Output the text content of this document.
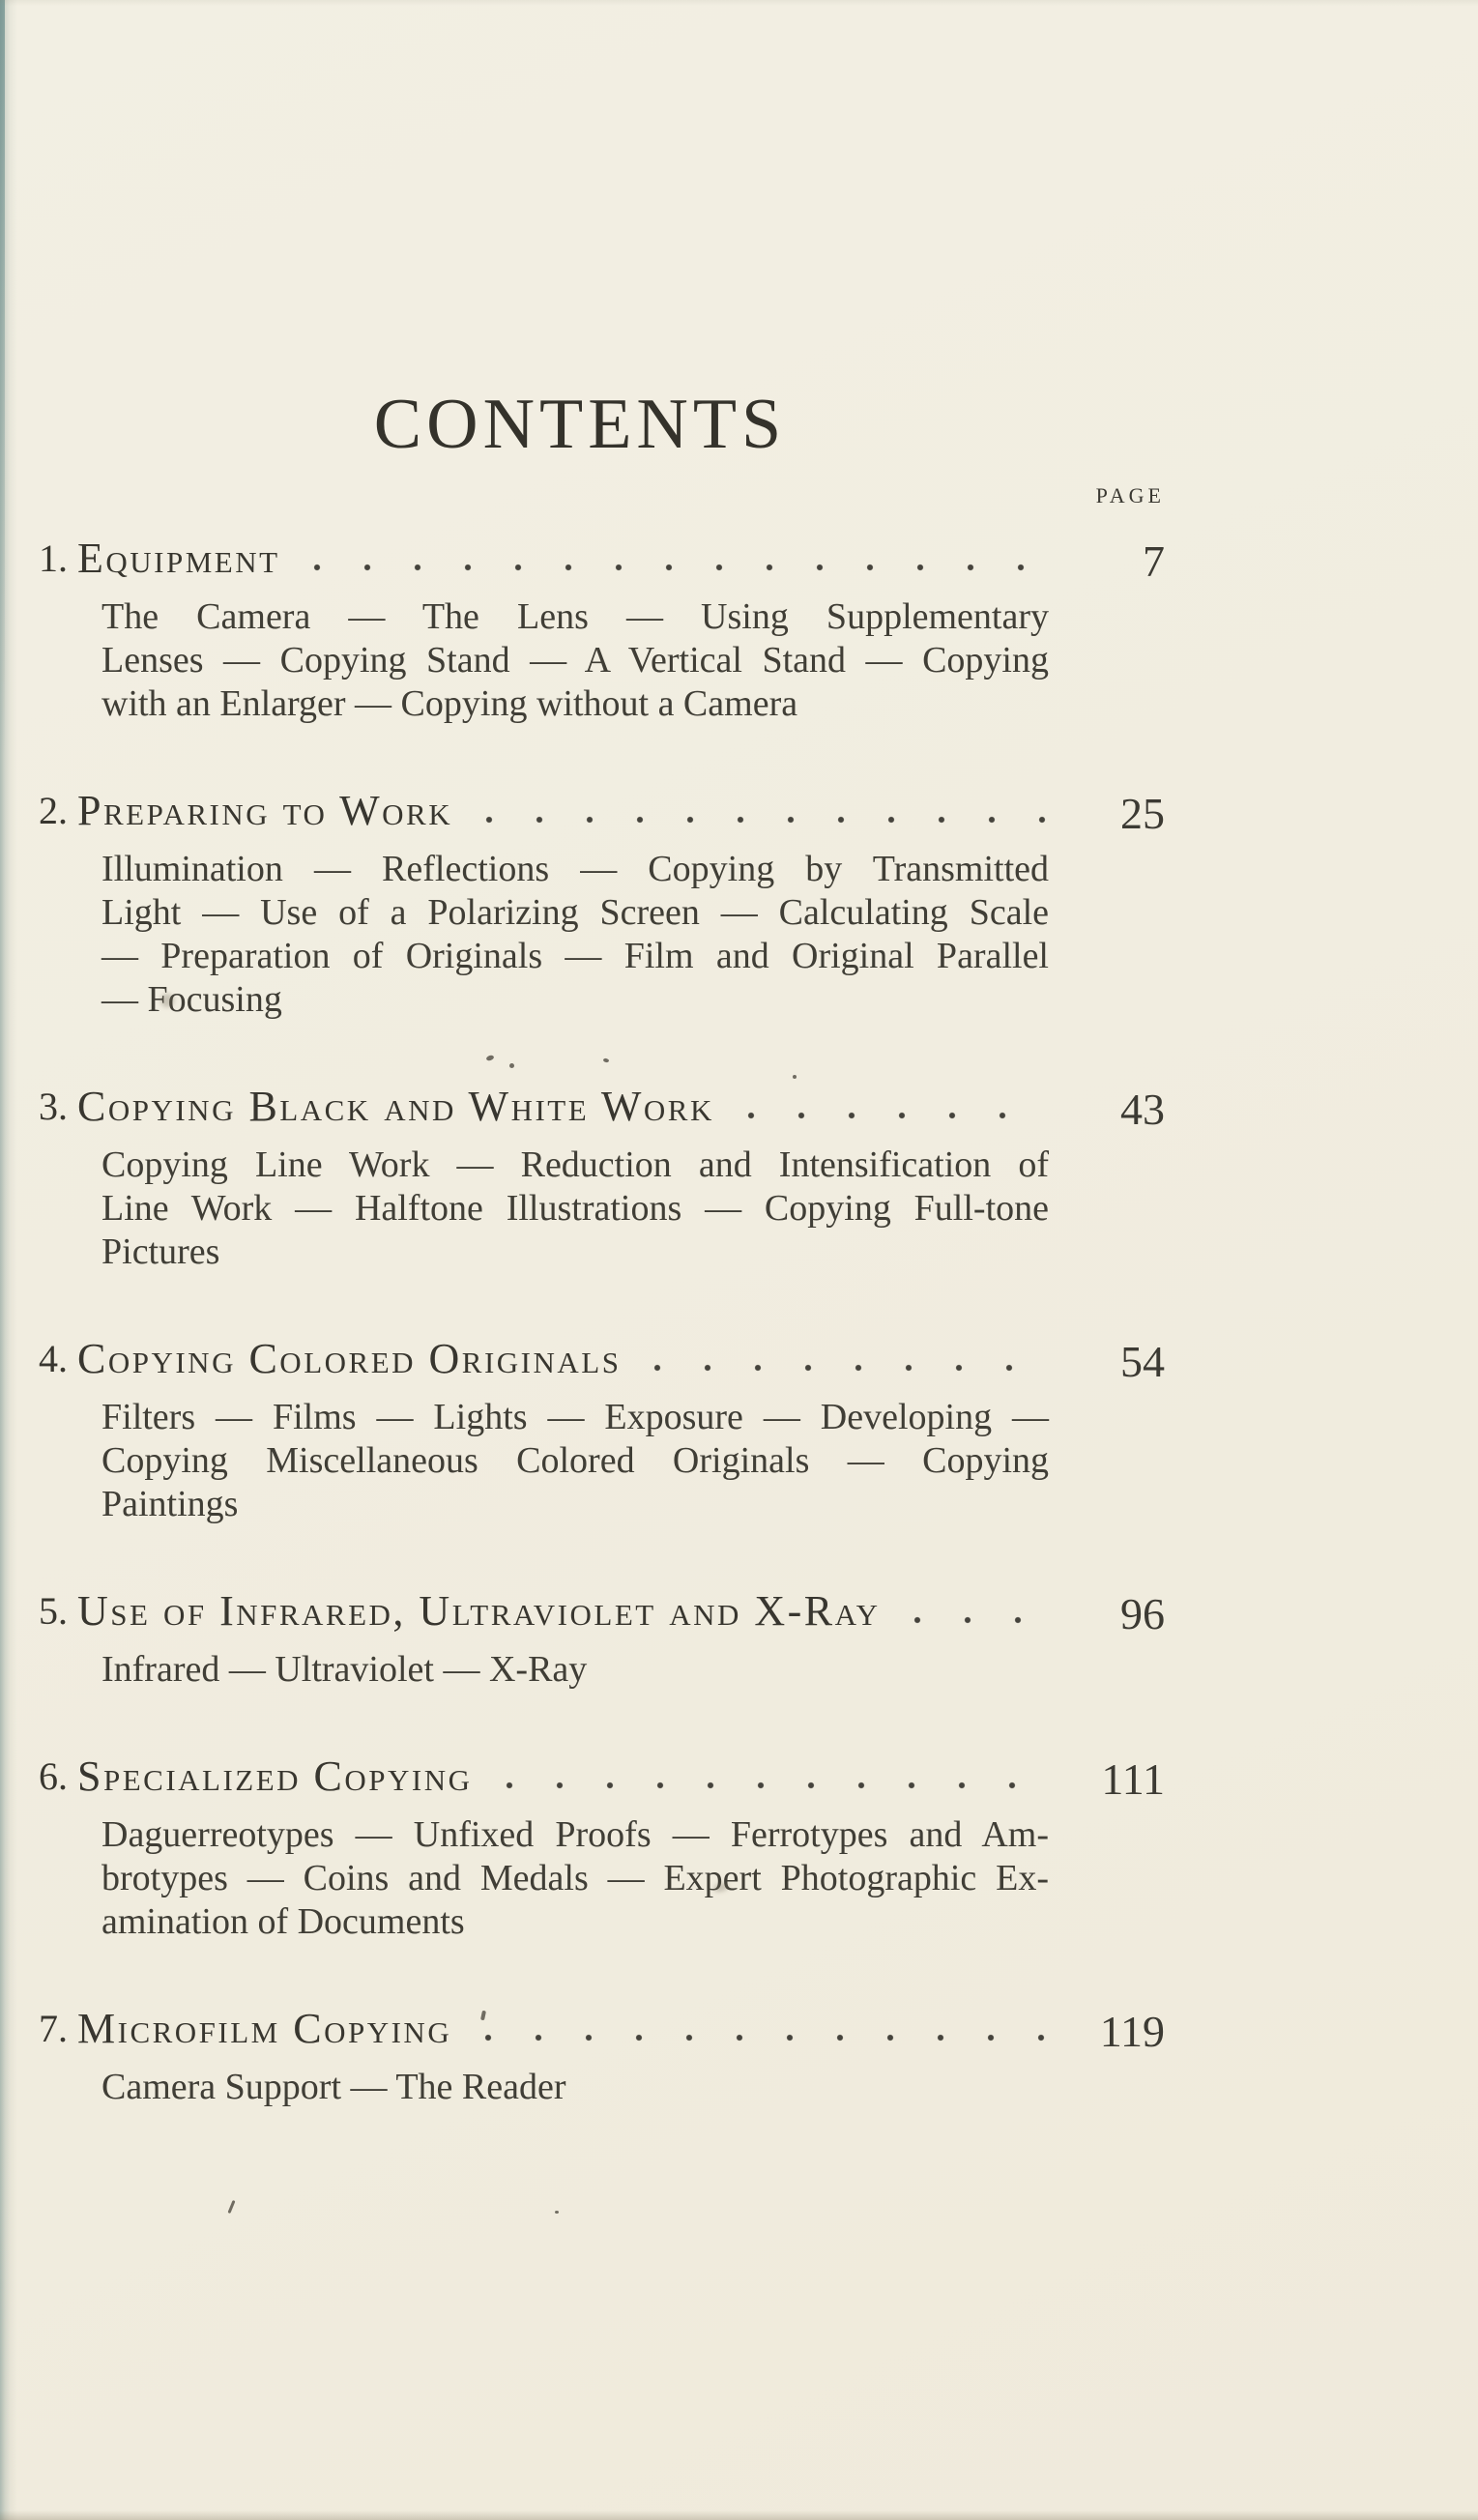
CONTENTS
PAGE
1. Equipment	7
The Camera — The Lens — Using Supplementary
Lenses — Copying Stand — A Vertical Stand — Copying
with an Enlarger — Copying without a Camera
2. Preparing to Work	25
Illumination — Reflections — Copying by Transmitted
Light — Use of a Polarizing Screen — Calculating Scale
— Preparation of Originals — Film and Original Parallel
— Focusing
3. Copying Black and White Work	43
Copying Line Work — Reduction and Intensification of
Line Work — Halftone Illustrations — Copying Full-tone
Pictures
4. Copying Colored Originals	54
Filters — Films — Lights — Exposure — Developing —
Copying Miscellaneous Colored Originals — Copying
Paintings
5. Use of Infrared, Ultraviolet and X-Ray	96
Infrared — Ultraviolet — X-Ray
6. Specialized Copying	111
Daguerreotypes — Unfixed Proofs — Ferrotypes and Am-
brotypes — Coins and Medals — Expert Photographic Ex-
amination of Documents
7. Microfilm Copying	119
Camera Support — The Reader
